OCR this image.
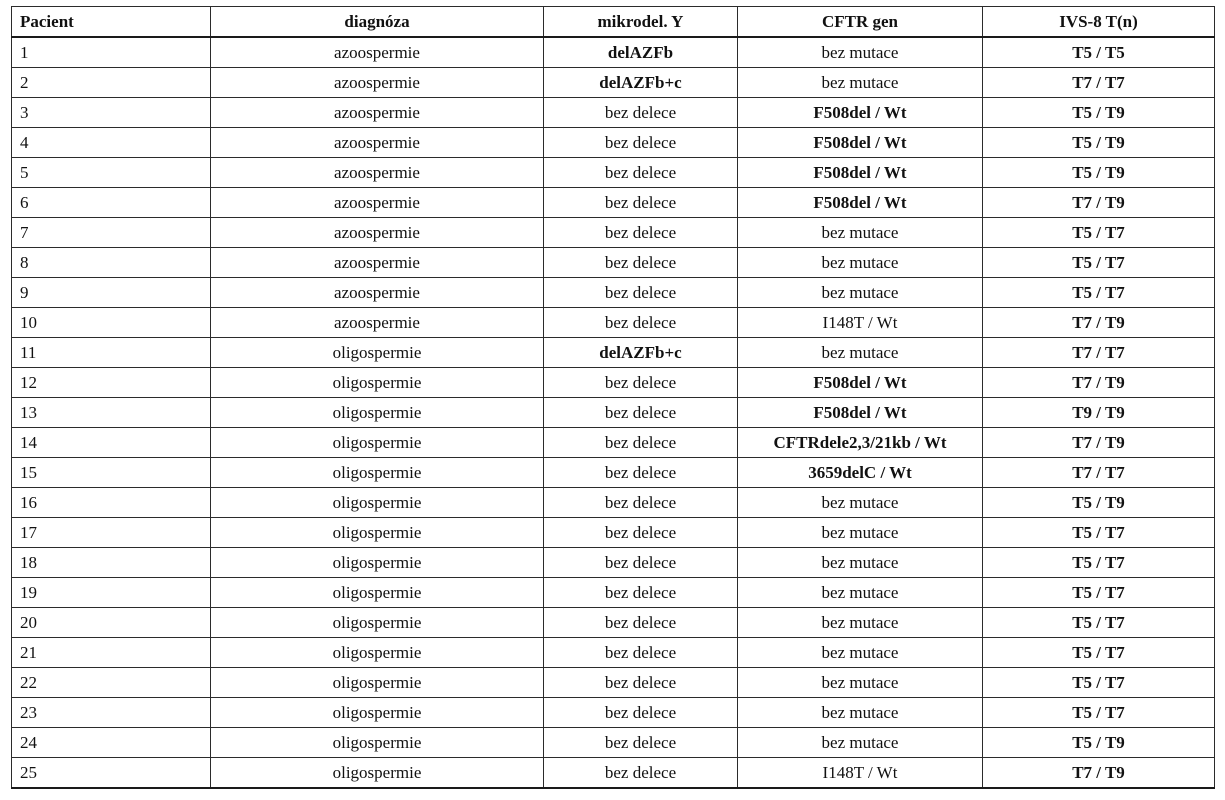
Pacient	diagnóza	mikrodel. Y	CFTR gen	IVS-8 T(n)
1	azoospermie	delAZFb	bez mutace	T5 / T5
2	azoospermie	delAZFb+c	bez mutace	T7 / T7
3	azoospermie	bez delece	F508del / Wt	T5 / T9
4	azoospermie	bez delece	F508del / Wt	T5 / T9
5	azoospermie	bez delece	F508del / Wt	T5 / T9
6	azoospermie	bez delece	F508del / Wt	T7 / T9
7	azoospermie	bez delece	bez mutace	T5 / T7
8	azoospermie	bez delece	bez mutace	T5 / T7
9	azoospermie	bez delece	bez mutace	T5 / T7
10	azoospermie	bez delece	I148T / Wt	T7 / T9
11	oligospermie	delAZFb+c	bez mutace	T7 / T7
12	oligospermie	bez delece	F508del / Wt	T7 / T9
13	oligospermie	bez delece	F508del / Wt	T9 / T9
14	oligospermie	bez delece	CFTRdele2,3/21kb / Wt	T7 / T9
15	oligospermie	bez delece	3659delC / Wt	T7 / T7
16	oligospermie	bez delece	bez mutace	T5 / T9
17	oligospermie	bez delece	bez mutace	T5 / T7
18	oligospermie	bez delece	bez mutace	T5 / T7
19	oligospermie	bez delece	bez mutace	T5 / T7
20	oligospermie	bez delece	bez mutace	T5 / T7
21	oligospermie	bez delece	bez mutace	T5 / T7
22	oligospermie	bez delece	bez mutace	T5 / T7
23	oligospermie	bez delece	bez mutace	T5 / T7
24	oligospermie	bez delece	bez mutace	T5 / T9
25	oligospermie	bez delece	I148T / Wt	T7 / T9
